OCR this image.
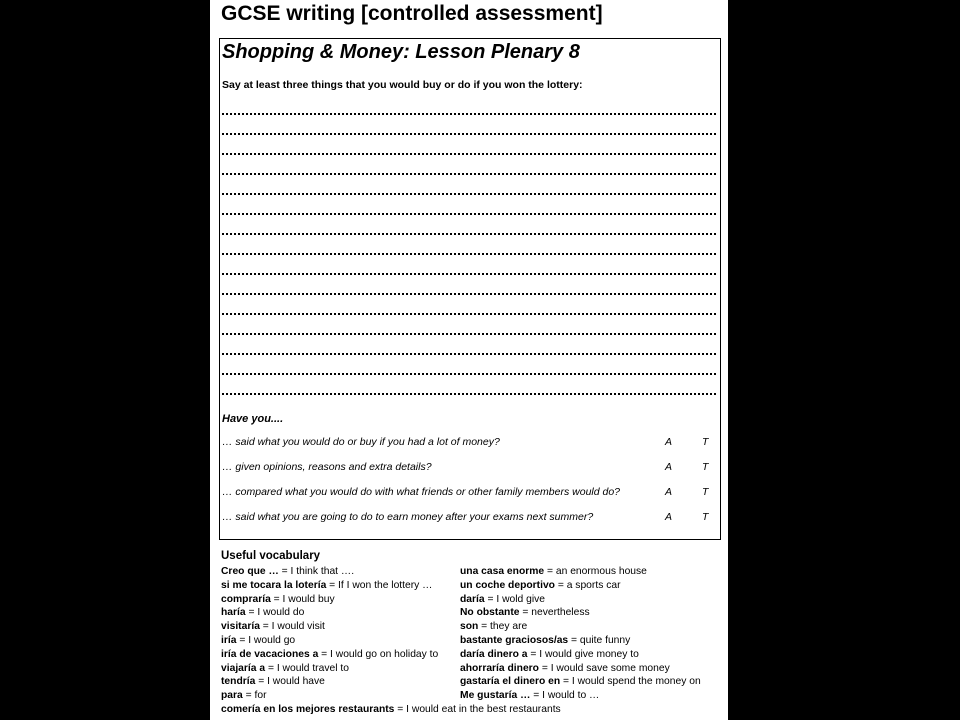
GCSE writing [controlled assessment]
Shopping & Money: Lesson Plenary 8
Say at least three things that you would buy or do if you won the lottery:
Have you....
… said what you would do or buy if you had a lot of money?	A	T
… given opinions, reasons and extra details?	A	T
… compared what you would do with what friends or other family members would do?	A	T
… said what you are going to do to earn money after your exams next summer?	A	T
Useful vocabulary
Creo que … = I think that ….
si me tocara la lotería = If I won the lottery …
compraría = I would buy
haría = I would do
visitaría = I would visit
iría = I would go
iría de vacaciones a = I would go on holiday to
viajaría a = I would travel to
tendría = I would have
para = for
comería en los mejores restaurants = I would eat in the best restaurants
una casa enorme = an enormous house
un coche deportivo = a sports car
daría = I wold give
No obstante = nevertheless
son = they are
bastante graciosos/as = quite funny
daría dinero a = I would give money to
ahorraría dinero = I would save some money
gastaría el dinero en = I would spend the money on
Me gustaría … = I would to …
